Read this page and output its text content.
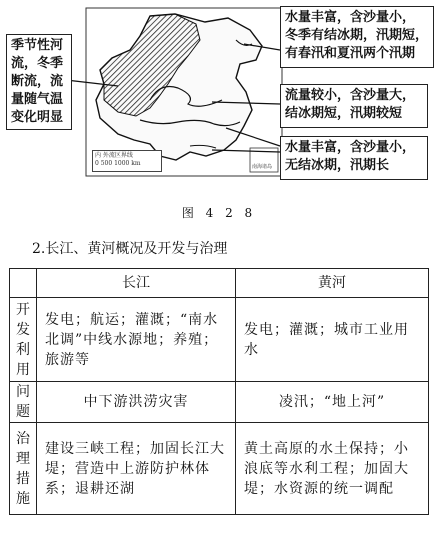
南海诸岛
季节性河
流，冬季
断流，流
量随气温
变化明显
水量丰富，含沙量小，
冬季有结冰期，汛期短，
有春汛和夏汛两个汛期
流量较小，含沙量大，
结冰期短，汛期较短
水量丰富，含沙量小，
无结冰期，汛期长
内 外流区界线
0 500 1000 km
图 4 2 8
2.长江、黄河概况及开发与治理
	长江	黄河
开发利用	发电；航运；灌溉；“南水北调”中线水源地；养殖；旅游等	发电；灌溉；城市工业用水
问题	中下游洪涝灾害	凌汛；“地上河”
治理措施	建设三峡工程；加固长江大堤；营造中上游防护林体系；退耕还湖	黄土高原的水土保持；小浪底等水利工程；加固大堤；水资源的统一调配
